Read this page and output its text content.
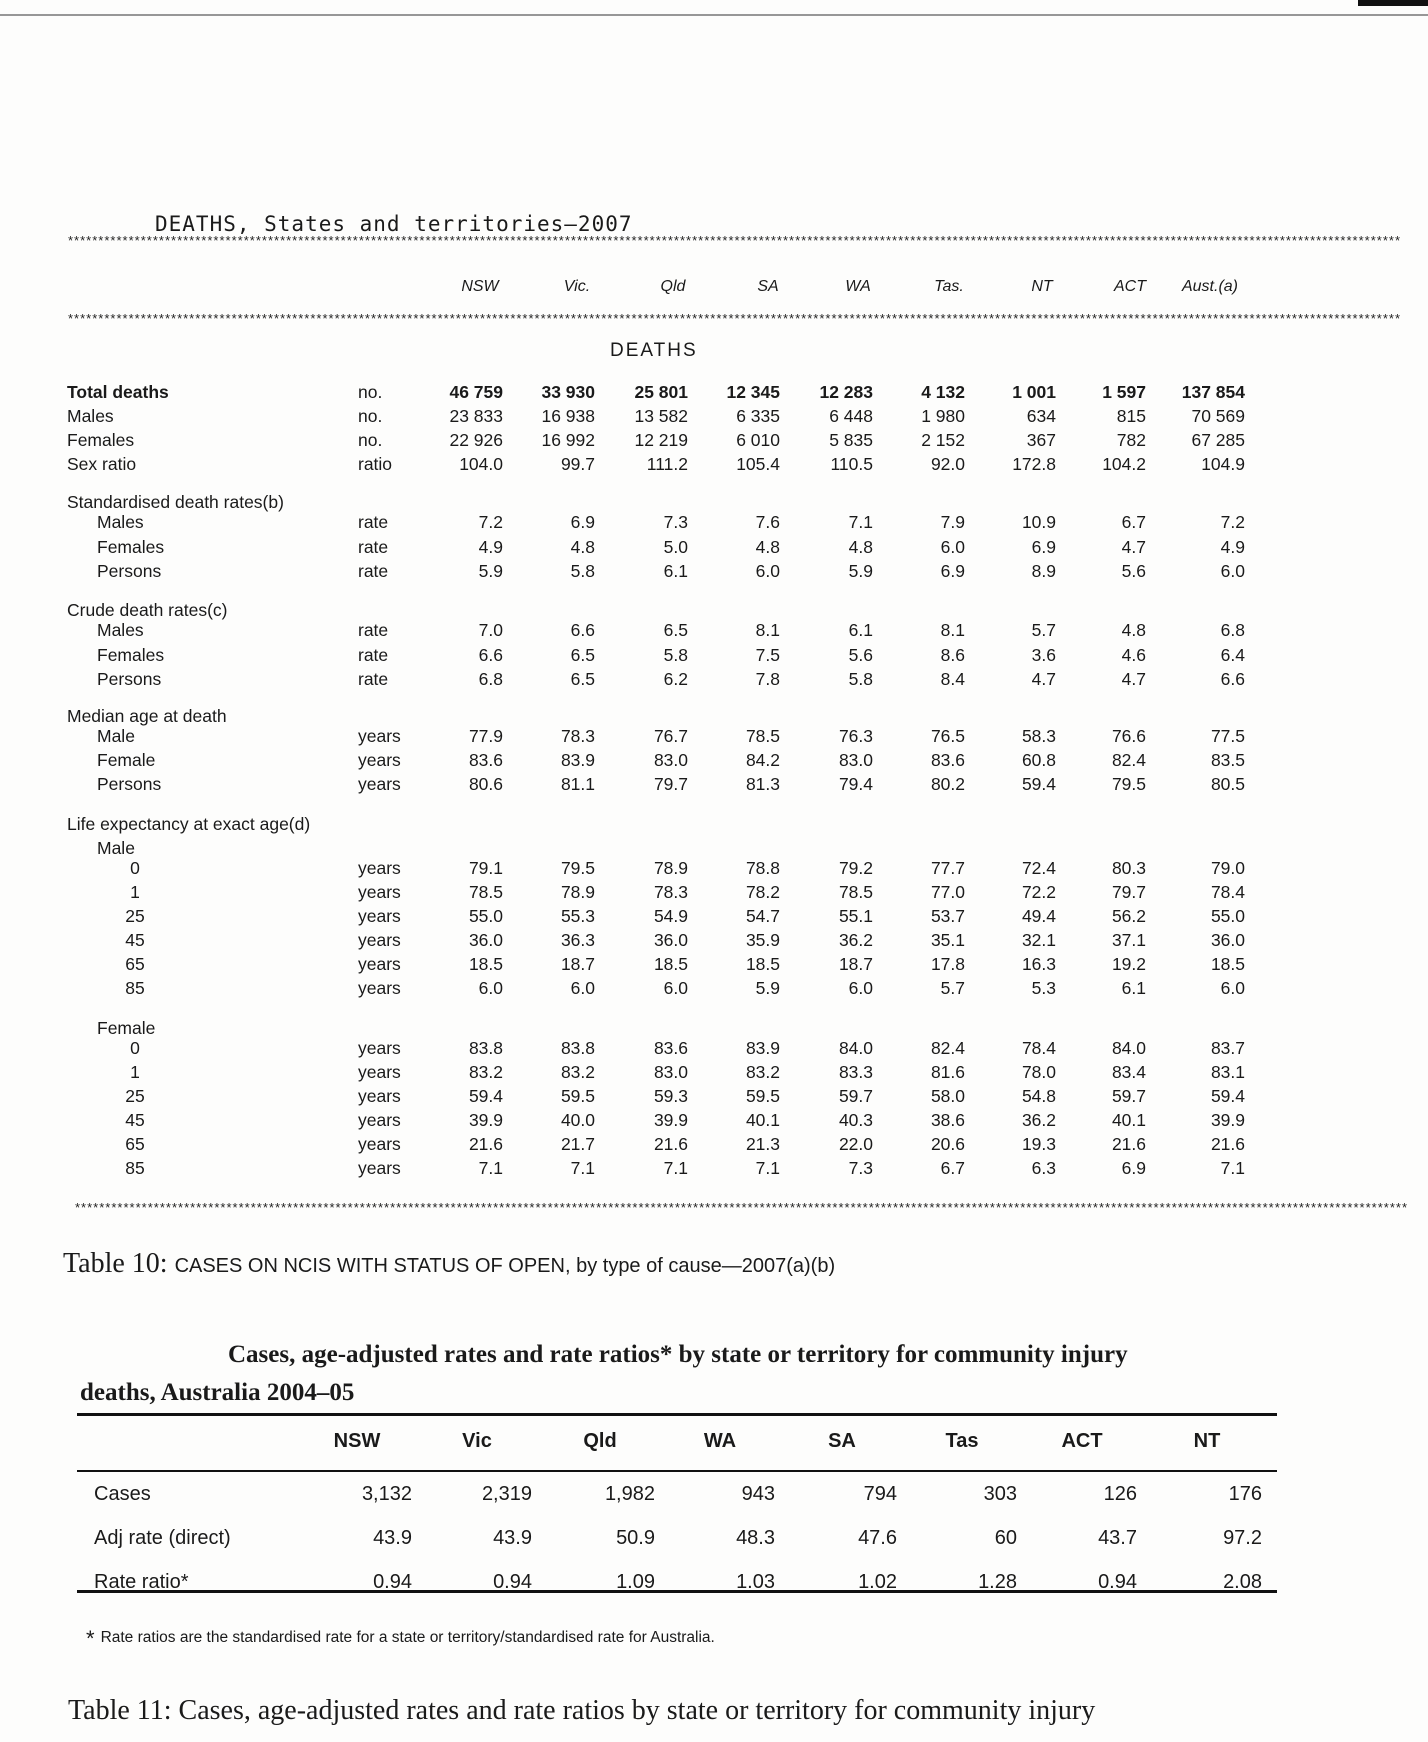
DEATHS, States and territories—2007
****************************************************************************************************************************************************************************************************************************
NSW	Vic.	Qld	SA	WA	Tas.	NT	ACT	Aust.(a)
****************************************************************************************************************************************************************************************************************************
DEATHS
Total deaths	no.	46 759	33 930	25 801	12 345	12 283	4 132	1 001	1 597	137 854
Males	no.	23 833	16 938	13 582	6 335	6 448	1 980	634	815	70 569
Females	no.	22 926	16 992	12 219	6 010	5 835	2 152	367	782	67 285
Sex ratio	ratio	104.0	99.7	111.2	105.4	110.5	92.0	172.8	104.2	104.9
Standardised death rates(b)
Males	rate	7.2	6.9	7.3	7.6	7.1	7.9	10.9	6.7	7.2
Females	rate	4.9	4.8	5.0	4.8	4.8	6.0	6.9	4.7	4.9
Persons	rate	5.9	5.8	6.1	6.0	5.9	6.9	8.9	5.6	6.0
Crude death rates(c)
Males	rate	7.0	6.6	6.5	8.1	6.1	8.1	5.7	4.8	6.8
Females	rate	6.6	6.5	5.8	7.5	5.6	8.6	3.6	4.6	6.4
Persons	rate	6.8	6.5	6.2	7.8	5.8	8.4	4.7	4.7	6.6
Median age at death
Male	years	77.9	78.3	76.7	78.5	76.3	76.5	58.3	76.6	77.5
Female	years	83.6	83.9	83.0	84.2	83.0	83.6	60.8	82.4	83.5
Persons	years	80.6	81.1	79.7	81.3	79.4	80.2	59.4	79.5	80.5
Life expectancy at exact age(d)
Male
0	years	79.1	79.5	78.9	78.8	79.2	77.7	72.4	80.3	79.0
1	years	78.5	78.9	78.3	78.2	78.5	77.0	72.2	79.7	78.4
25	years	55.0	55.3	54.9	54.7	55.1	53.7	49.4	56.2	55.0
45	years	36.0	36.3	36.0	35.9	36.2	35.1	32.1	37.1	36.0
65	years	18.5	18.7	18.5	18.5	18.7	17.8	16.3	19.2	18.5
85	years	6.0	6.0	6.0	5.9	6.0	5.7	5.3	6.1	6.0
Female
0	years	83.8	83.8	83.6	83.9	84.0	82.4	78.4	84.0	83.7
1	years	83.2	83.2	83.0	83.2	83.3	81.6	78.0	83.4	83.1
25	years	59.4	59.5	59.3	59.5	59.7	58.0	54.8	59.7	59.4
45	years	39.9	40.0	39.9	40.1	40.3	38.6	36.2	40.1	39.9
65	years	21.6	21.7	21.6	21.3	22.0	20.6	19.3	21.6	21.6
85	years	7.1	7.1	7.1	7.1	7.3	6.7	6.3	6.9	7.1
****************************************************************************************************************************************************************************************************************************
Table 10: CASES ON NCIS WITH STATUS OF OPEN, by type of cause—2007(a)(b)
Cases, age-adjusted rates and rate ratios* by state or territory for community injury
deaths, Australia 2004–05
NSW	Vic	Qld	WA	SA	Tas	ACT	NT
Cases	3,132	2,319	1,982	943	794	303	126	176
Adj rate (direct)	43.9	43.9	50.9	48.3	47.6	60	43.7	97.2
Rate ratio*	0.94	0.94	1.09	1.03	1.02	1.28	0.94	2.08
* Rate ratios are the standardised rate for a state or territory/standardised rate for Australia.
Table 11: Cases, age-adjusted rates and rate ratios by state or territory for community injury
